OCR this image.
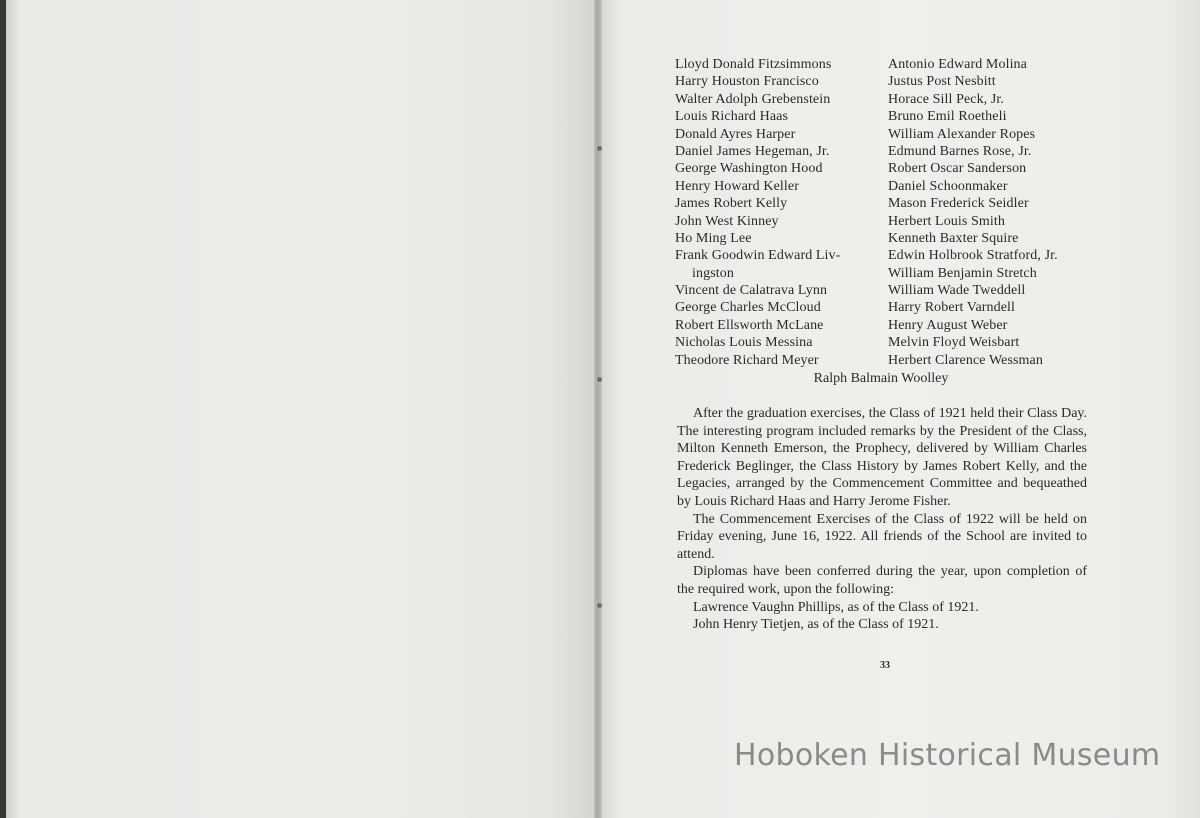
Lloyd Donald Fitzsimmons
Harry Houston Francisco
Walter Adolph Grebenstein
Louis Richard Haas
Donald Ayres Harper
Daniel James Hegeman, Jr.
George Washington Hood
Henry Howard Keller
James Robert Kelly
John West Kinney
Ho Ming Lee
Frank Goodwin Edward Liv-
ingston
Vincent de Calatrava Lynn
George Charles McCloud
Robert Ellsworth McLane
Nicholas Louis Messina
Theodore Richard Meyer
Antonio Edward Molina
Justus Post Nesbitt
Horace Sill Peck, Jr.
Bruno Emil Roetheli
William Alexander Ropes
Edmund Barnes Rose, Jr.
Robert Oscar Sanderson
Daniel Schoonmaker
Mason Frederick Seidler
Herbert Louis Smith
Kenneth Baxter Squire
Edwin Holbrook Stratford, Jr.
William Benjamin Stretch
William Wade Tweddell
Harry Robert Varndell
Henry August Weber
Melvin Floyd Weisbart
Herbert Clarence Wessman
Ralph Balmain Woolley

After the graduation exercises, the Class of 1921 held their Class Day. The interesting program included remarks by the President of the Class, Milton Kenneth Emerson, the Prophecy, delivered by William Charles Frederick Beglinger, the Class History by James Robert Kelly, and the Legacies, arranged by the Commencement Committee and bequeathed by Louis Richard Haas and Harry Jerome Fisher.

The Commencement Exercises of the Class of 1922 will be held on Friday evening, June 16, 1922. All friends of the School are invited to attend.

Diplomas have been conferred during the year, upon completion of the required work, upon the following:

Lawrence Vaughn Phillips, as of the Class of 1921.

John Henry Tietjen, as of the Class of 1921.

33
Hoboken Historical Museum
